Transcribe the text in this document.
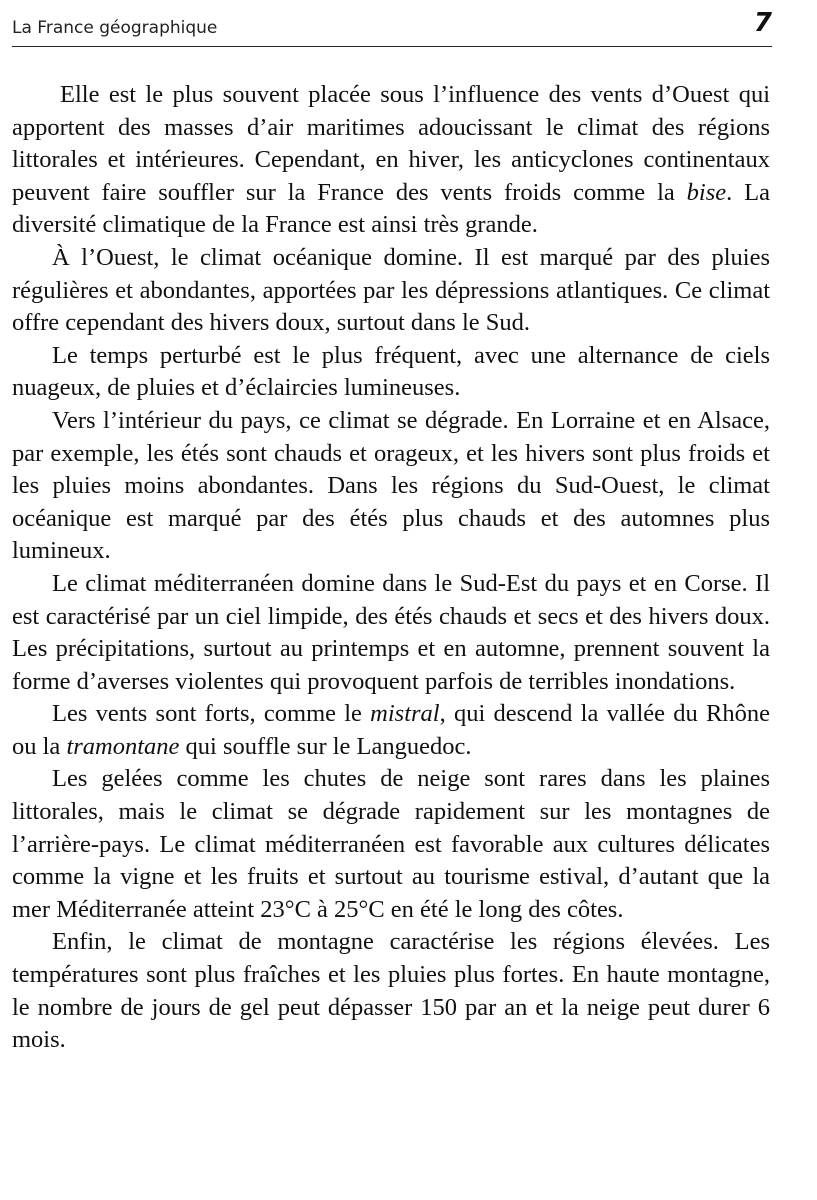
La France géographique	7

Elle est le plus souvent placée sous l’influence des vents d’Ouest qui apportent des masses d’air maritimes adoucissant le climat des régions littorales et intérieures. Cependant, en hiver, les anticyclones continentaux peuvent faire souffler sur la France des vents froids comme la bise. La diversité climatique de la France est ainsi très grande.

À l’Ouest, le climat océanique domine. Il est marqué par des pluies régulières et abondantes, apportées par les dépressions atlantiques. Ce climat offre cependant des hivers doux, surtout dans le Sud.

Le temps perturbé est le plus fréquent, avec une alternance de ciels nuageux, de pluies et d’éclaircies lumineuses.

Vers l’intérieur du pays, ce climat se dégrade. En Lorraine et en Alsace, par exemple, les étés sont chauds et orageux, et les hivers sont plus froids et les pluies moins abondantes. Dans les régions du Sud-Ouest, le climat océanique est marqué par des étés plus chauds et des automnes plus lumineux.

Le climat méditerranéen domine dans le Sud-Est du pays et en Corse. Il est caractérisé par un ciel limpide, des étés chauds et secs et des hivers doux. Les précipitations, surtout au printemps et en automne, prennent souvent la forme d’averses violentes qui provoquent parfois de terribles inondations.

Les vents sont forts, comme le mistral, qui descend la vallée du Rhône ou la tramontane qui souffle sur le Languedoc.

Les gelées comme les chutes de neige sont rares dans les plaines littorales, mais le climat se dégrade rapidement sur les montagnes de l’arrière-pays. Le climat méditerranéen est favorable aux cultures délicates comme la vigne et les fruits et surtout au tourisme estival, d’autant que la mer Méditerranée atteint 23°C à 25°C en été le long des côtes.

Enfin, le climat de montagne caractérise les régions élevées. Les températures sont plus fraîches et les pluies plus fortes. En haute montagne, le nombre de jours de gel peut dépasser 150 par an et la neige peut durer 6 mois.
